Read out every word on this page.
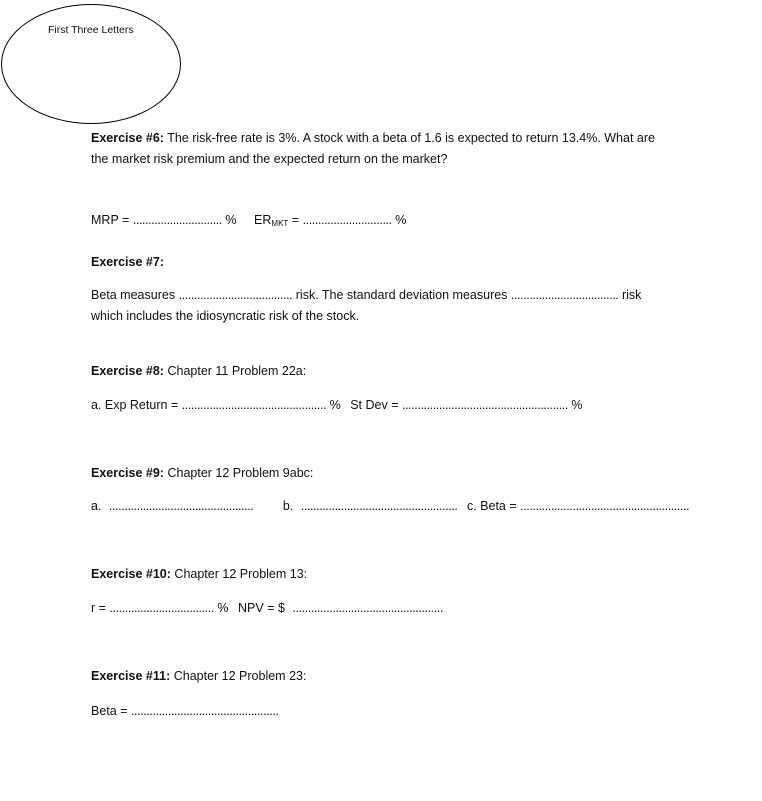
First Three Letters
Exercise #6: The risk-free rate is 3%. A stock with a beta of 1.6 is expected to return 13.4%. What are
the market risk premium and the expected return on the market?
MRP = ............................. % $ER_{MKT}$ = ............................. %
Exercise #7:
Beta measures ..................................... risk. The standard deviation measures ................................... risk
which includes the idiosyncratic risk of the stock.
Exercise #8: Chapter 11 Problem 22a:
a. Exp Return = ............................................... % St Dev = ...................................................... %
Exercise #9: Chapter 12 Problem 9abc:
a. ............................................... b. ................................................... c. Beta = .......................................................
Exercise #10: Chapter 12 Problem 13:
r = .................................. % NPV = $ .................................................
Exercise #11: Chapter 12 Problem 23:
Beta = ................................................
